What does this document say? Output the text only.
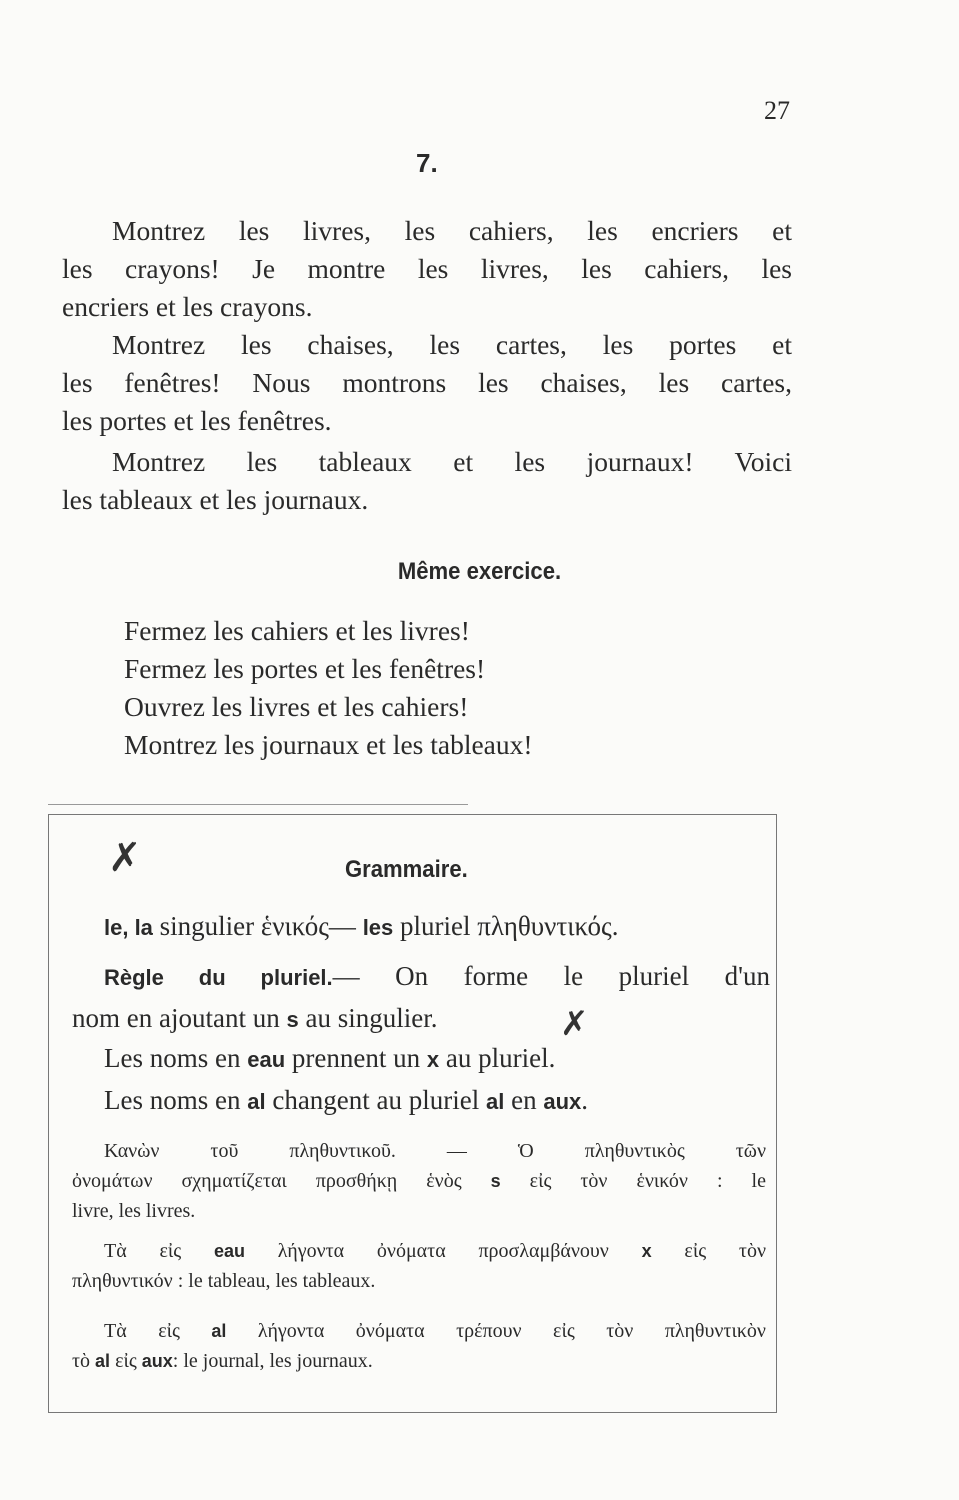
27
7.
Montrez les livres, les cahiers, les encriers et
les crayons! Je montre les livres, les cahiers, les
encriers et les crayons.
Montrez les chaises, les cartes, les portes et
les fenêtres! Nous montrons les chaises, les cartes,
les portes et les fenêtres.
Montrez les tableaux et les journaux! Voici
les tableaux et les journaux.
Même exercice.
Fermez les cahiers et les livres!
Fermez les portes et les fenêtres!
Ouvrez les livres et les cahiers!
Montrez les journaux et les tableaux!
✗
✗
Grammaire.
le, la singulier ἑνικός— les pluriel πληθυντικός.
Règle du pluriel.— On forme le pluriel d'un
nom en ajoutant un s au singulier.
Les noms en eau prennent un x au pluriel.
Les noms en al changent au pluriel al en aux.
Κανὼν τοῦ πληθυντικοῦ. — Ὁ πληθυντικὸς τῶν
ὀνομάτων σχηματίζεται προσθήκῃ ἑνὸς s εἰς τὸν ἑνικόν : le
livre, les livres.
Τὰ εἰς eau λήγοντα ὀνόματα προσλαμβάνουν x εἰς τὸν
πληθυντικόν : le tableau, les tableaux.
Τὰ εἰς al λήγοντα ὀνόματα τρέπουν εἰς τὸν πληθυντικὸν
τὸ al εἰς aux: le journal, les journaux.
